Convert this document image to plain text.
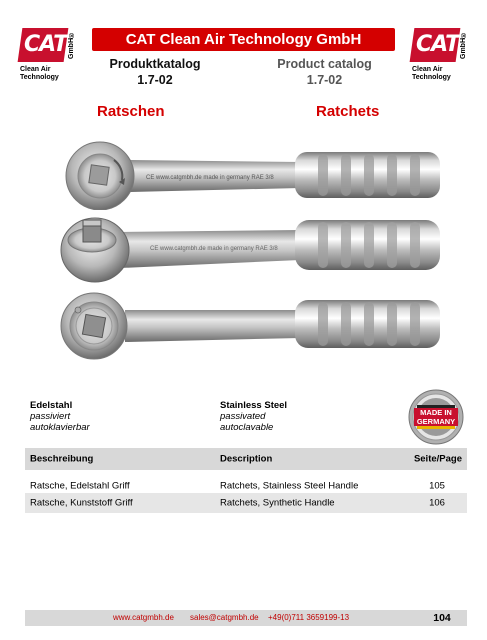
CAT GmbH®
Clean Air
Technology
CAT Clean Air Technology GmbH	CAT GmbH®
Clean Air
Technology
Produktkatalog
1.7-02
Product catalog
1.7-02
Ratschen	Ratchets
CE www.catgmbh.de made in germany RAE 3/8
CE www.catgmbh.de made in germany RAE 3/8
Edelstahl
passiviert
autoklavierbar
Stainless Steel
passivated
autoclavable
MADE IN
GERMANY
Beschreibung	Description	Seite/Page
Ratsche, Edelstahl Griff	Ratchets, Stainless Steel Handle	105
Ratsche, Kunststoff Griff	Ratchets, Synthetic Handle	106
www.catgmbh.de sales@catgmbh.de +49(0)711 3659199-13	104
